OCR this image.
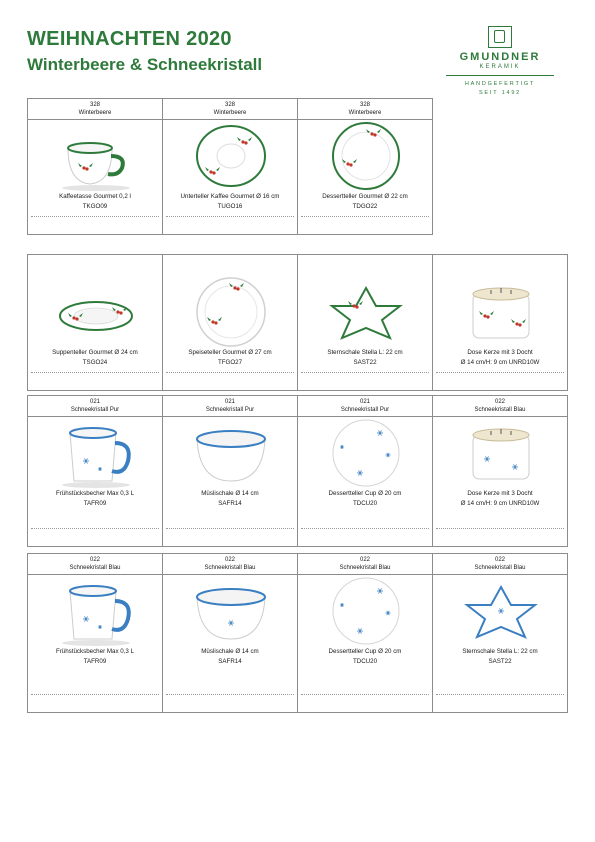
WEIHNACHTEN 2020
Winterbeere & Schneekristall	GMUNDNER
KERAMIK
HANDGEFERTIGT
SEIT 1492
328
Winterbeere
Kaffeetasse Gourmet 0,2 l
TKGO09
328
Winterbeere
Unterteller Kaffee Gourmet Ø 16 cm
TUGO16
328
Winterbeere
Dessertteller Gourmet Ø 22 cm
TDGO22
Suppenteller Gourmet Ø 24 cm
TSGO24
Speiseteller Gourmet Ø 27 cm
TFGO27
Sternschale Stella L: 22 cm
SAST22
Dose Kerze mit 3 Docht
Ø 14 cm/H: 9 cm UNRD10W
021
Schneekristall Pur
Frühstücksbecher Max 0,3 L
TAFR09
021
Schneekristall Pur
Müslischale Ø 14 cm
SAFR14
021
Schneekristall Pur
Dessertteller Cup Ø 20 cm
TDCU20
022
Schneekristall Blau
Dose Kerze mit 3 Docht
Ø 14 cm/H: 9 cm UNRD10W
022
Schneekristall Blau
Frühstücksbecher Max 0,3 L
TAFR09
022
Schneekristall Blau
Müslischale Ø 14 cm
SAFR14
022
Schneekristall Blau
Dessertteller Cup Ø 20 cm
TDCU20
022
Schneekristall Blau
Sternschale Stella L: 22 cm
SAST22
